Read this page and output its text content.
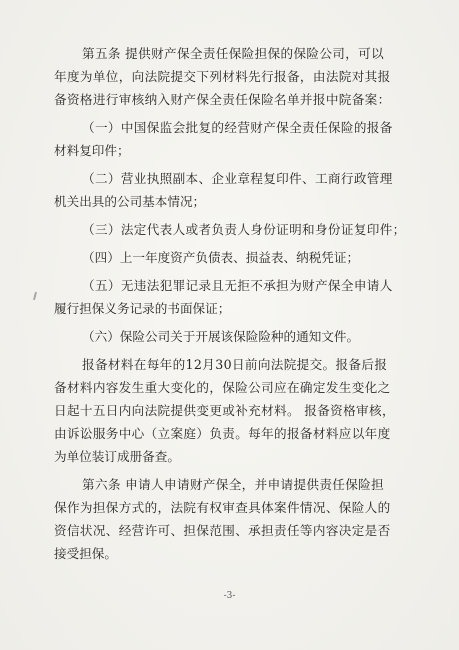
第五条 提供财产保全责任保险担保的保险公司，可以
年度为单位，向法院提交下列材料先行报备，由法院对其报
备资格进行审核纳入财产保全责任保险名单并报中院备案：
（一）中国保监会批复的经营财产保全责任保险的报备
材料复印件；
（二）营业执照副本、企业章程复印件、工商行政管理
机关出具的公司基本情况；
（三）法定代表人或者负责人身份证明和身份证复印件；
（四）上一年度资产负债表、损益表、纳税凭证；
（五）无违法犯罪记录且无拒不承担为财产保全申请人
履行担保义务记录的书面保证；
（六）保险公司关于开展该保险险种的通知文件。
报备材料在每年的12月30日前向法院提交。报备后报
备材料内容发生重大变化的，保险公司应在确定发生变化之
日起十五日内向法院提供变更或补充材料。 报备资格审核，
由诉讼服务中心（立案庭）负责。每年的报备材料应以年度
为单位装订成册备查。
第六条 申请人申请财产保全，并申请提供责任保险担
保作为担保方式的，法院有权审查具体案件情况、保险人的
资信状况、经营许可、担保范围、承担责任等内容决定是否
接受担保。
-3-
